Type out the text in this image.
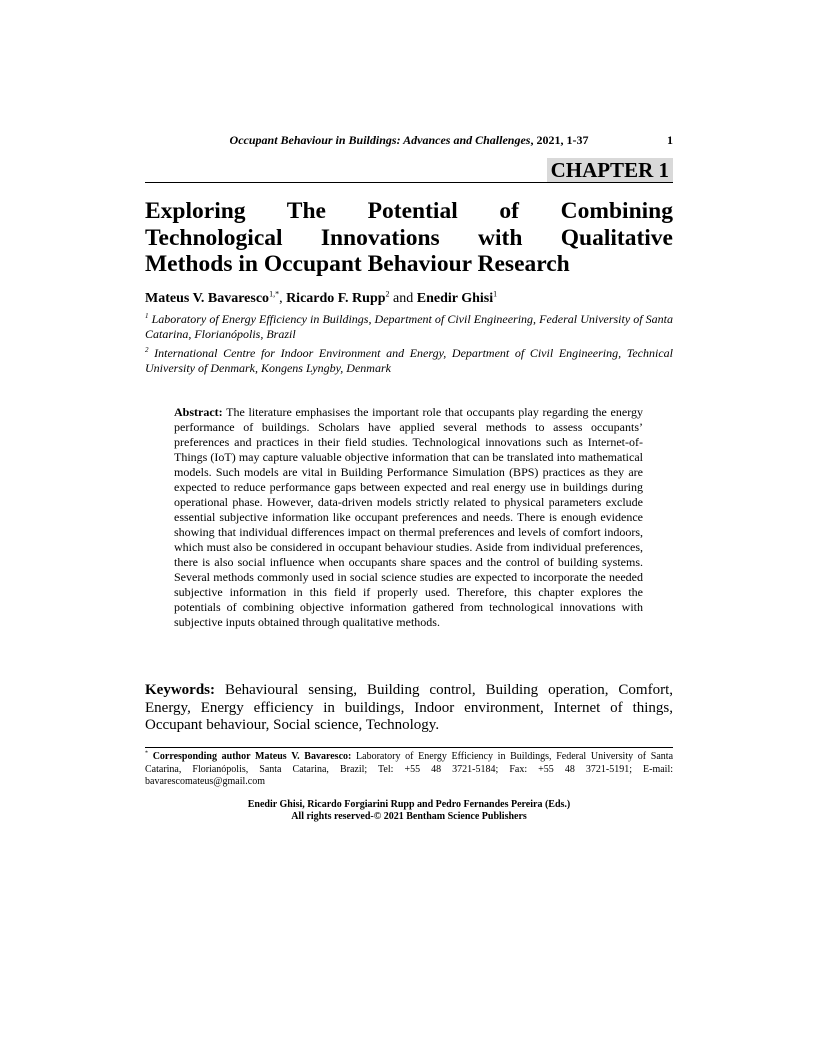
Occupant Behaviour in Buildings: Advances and Challenges, 2021, 1-37	1
CHAPTER 1
Exploring The Potential of Combining
Technological Innovations with Qualitative
Methods in Occupant Behaviour Research
Mateus V. Bavaresco$^{1,*}$, Ricardo F. Rupp$^2$ and Enedir Ghisi$^1$
$^1$ Laboratory of Energy Efficiency in Buildings, Department of Civil Engineering, Federal University of Santa Catarina, Florianópolis, Brazil
$^2$ International Centre for Indoor Environment and Energy, Department of Civil Engineering, Technical University of Denmark, Kongens Lyngby, Denmark
Abstract: The literature emphasises the important role that occupants play regarding the energy performance of buildings. Scholars have applied several methods to assess occupants’ preferences and practices in their field studies. Technological innovations such as Internet-of-Things (IoT) may capture valuable objective information that can be translated into mathematical models. Such models are vital in Building Performance Simulation (BPS) practices as they are expected to reduce performance gaps between expected and real energy use in buildings during operational phase. However, data-driven models strictly related to physical parameters exclude essential subjective information like occupant preferences and needs. There is enough evidence showing that individual differences impact on thermal preferences and levels of comfort indoors, which must also be considered in occupant behaviour studies. Aside from individual preferences, there is also social influence when occupants share spaces and the control of building systems. Several methods commonly used in social science studies are expected to incorporate the needed subjective information in this field if properly used. Therefore, this chapter explores the potentials of combining objective information gathered from technological innovations with subjective inputs obtained through qualitative methods.
Keywords: Behavioural sensing, Building control, Building operation, Comfort, Energy, Energy efficiency in buildings, Indoor environment, Internet of things, Occupant behaviour, Social science, Technology.
* Corresponding author Mateus V. Bavaresco: Laboratory of Energy Efficiency in Buildings, Federal University of Santa Catarina, Florianópolis, Santa Catarina, Brazil; Tel: +55 48 3721-5184; Fax: +55 48 3721-5191; E-mail: bavarescomateus@gmail.com
Enedir Ghisi, Ricardo Forgiarini Rupp and Pedro Fernandes Pereira (Eds.)
All rights reserved-© 2021 Bentham Science Publishers
